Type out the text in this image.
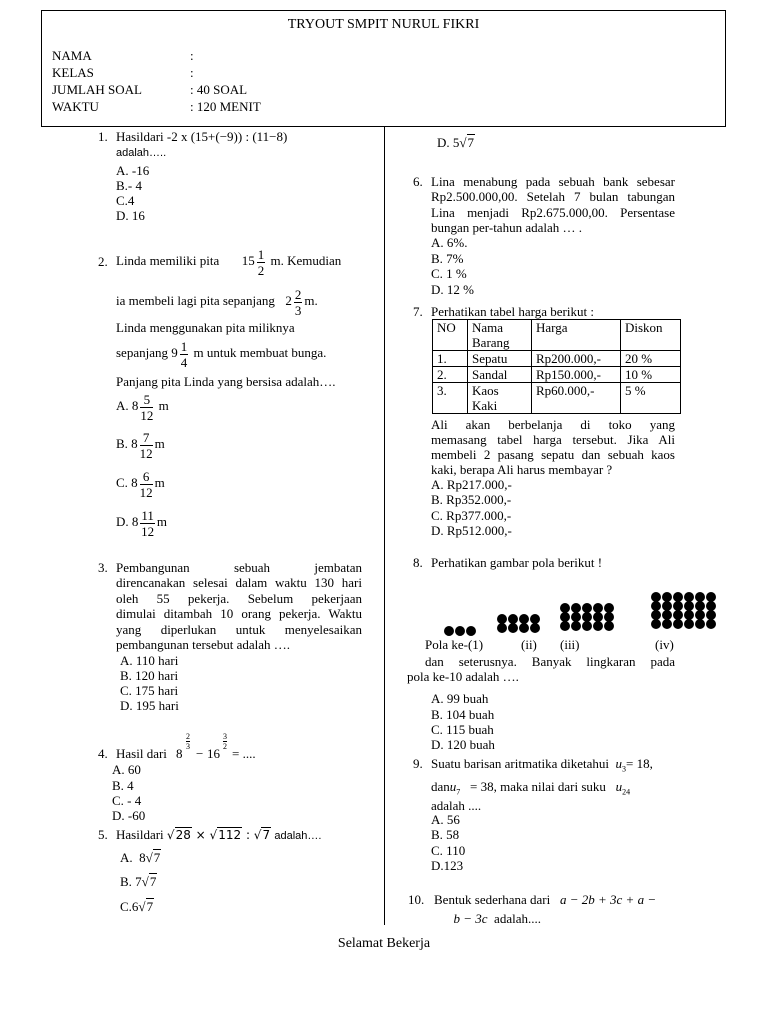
TRYOUT SMPIT NURUL FIKRI
NAMA	:
KELAS	:
JUMLAH SOAL	: 40 SOAL
WAKTU	: 120 MENIT
1. Hasildari -2 x (15+(−9)) : (11−8)
adalah…..
A. -16
B.- 4
C.4
D. 16
2. Linda memiliki pita $15 \frac{1}{2} m$. Kemudian
ia membeli lagi pita sepanjang $2 \frac{2}{3} m$.
Linda menggunakan pita miliknya
sepanjang $9 \frac{1}{4}$ m untuk membuat bunga.
Panjang pita Linda yang bersisa adalah….
A. $8 \frac{5}{12}$ m
B. $8 \frac{7}{12}$ m
C. $8 \frac{6}{12}$ m
D. $8 \frac{11}{12}$ m
3. Pembangunan sebuah jembatan
direncanakan selesai dalam waktu 130 hari
oleh 55 pekerja. Sebelum pekerjaan
dimulai ditambah 10 orang pekerja. Waktu
yang diperlukan untuk menyelesaikan
pembangunan tersebut adalah ….
A. 110 hari
B. 120 hari
C. 175 hari
D. 195 hari
4. Hasil dari 8
2
3 − 16
3
2 = ....
A. 60
B. 4
C. - 4
D. -60
5. Hasildari √28 × √112 : √7 adalah….
A. 8√7
B. 7√7
C.6√7
D. 5√7
6. Lina menabung pada sebuah bank sebesar
Rp2.500.000,00. Setelah 7 bulan tabungan
Lina menjadi Rp2.675.000,00. Persentase
bungan per-tahun adalah … .
A. 6%.
B. 7%
C. 1 %
D. 12 %
7. Perhatikan tabel harga berikut :
NO	Nama Barang	Harga	Diskon
1.	Sepatu	Rp200.000,-	20 %
2.	Sandal	Rp150.000,-	10 %
3.	Kaos Kaki	Rp60.000,-	5 %
Ali akan berbelanja di toko yang
memasang tabel harga tersebut. Jika Ali
membeli 2 pasang sepatu dan sebuah kaos
kaki, berapa Ali harus membayar ?
A. Rp217.000,-
B. Rp352.000,-
C. Rp377.000,-
D. Rp512.000,-
8. Perhatikan gambar pola berikut !
Pola ke-(1)	(ii) (iii)	(iv)
dan seterusnya. Banyak lingkaran pada
pola ke-10 adalah ….
A. 99 buah
B. 104 buah
C. 115 buah
D. 120 buah
9. Suatu barisan aritmatika diketahui $u_3= 18$,
danu$_7$ = 38, maka nilai dari suku $u_{24}$
adalah ....
A. 56
B. 58
C. 110
D.123
10. Bentuk sederhana dari a − 2b + 3c + a −
b − 3c adalah....
Selamat Bekerja
